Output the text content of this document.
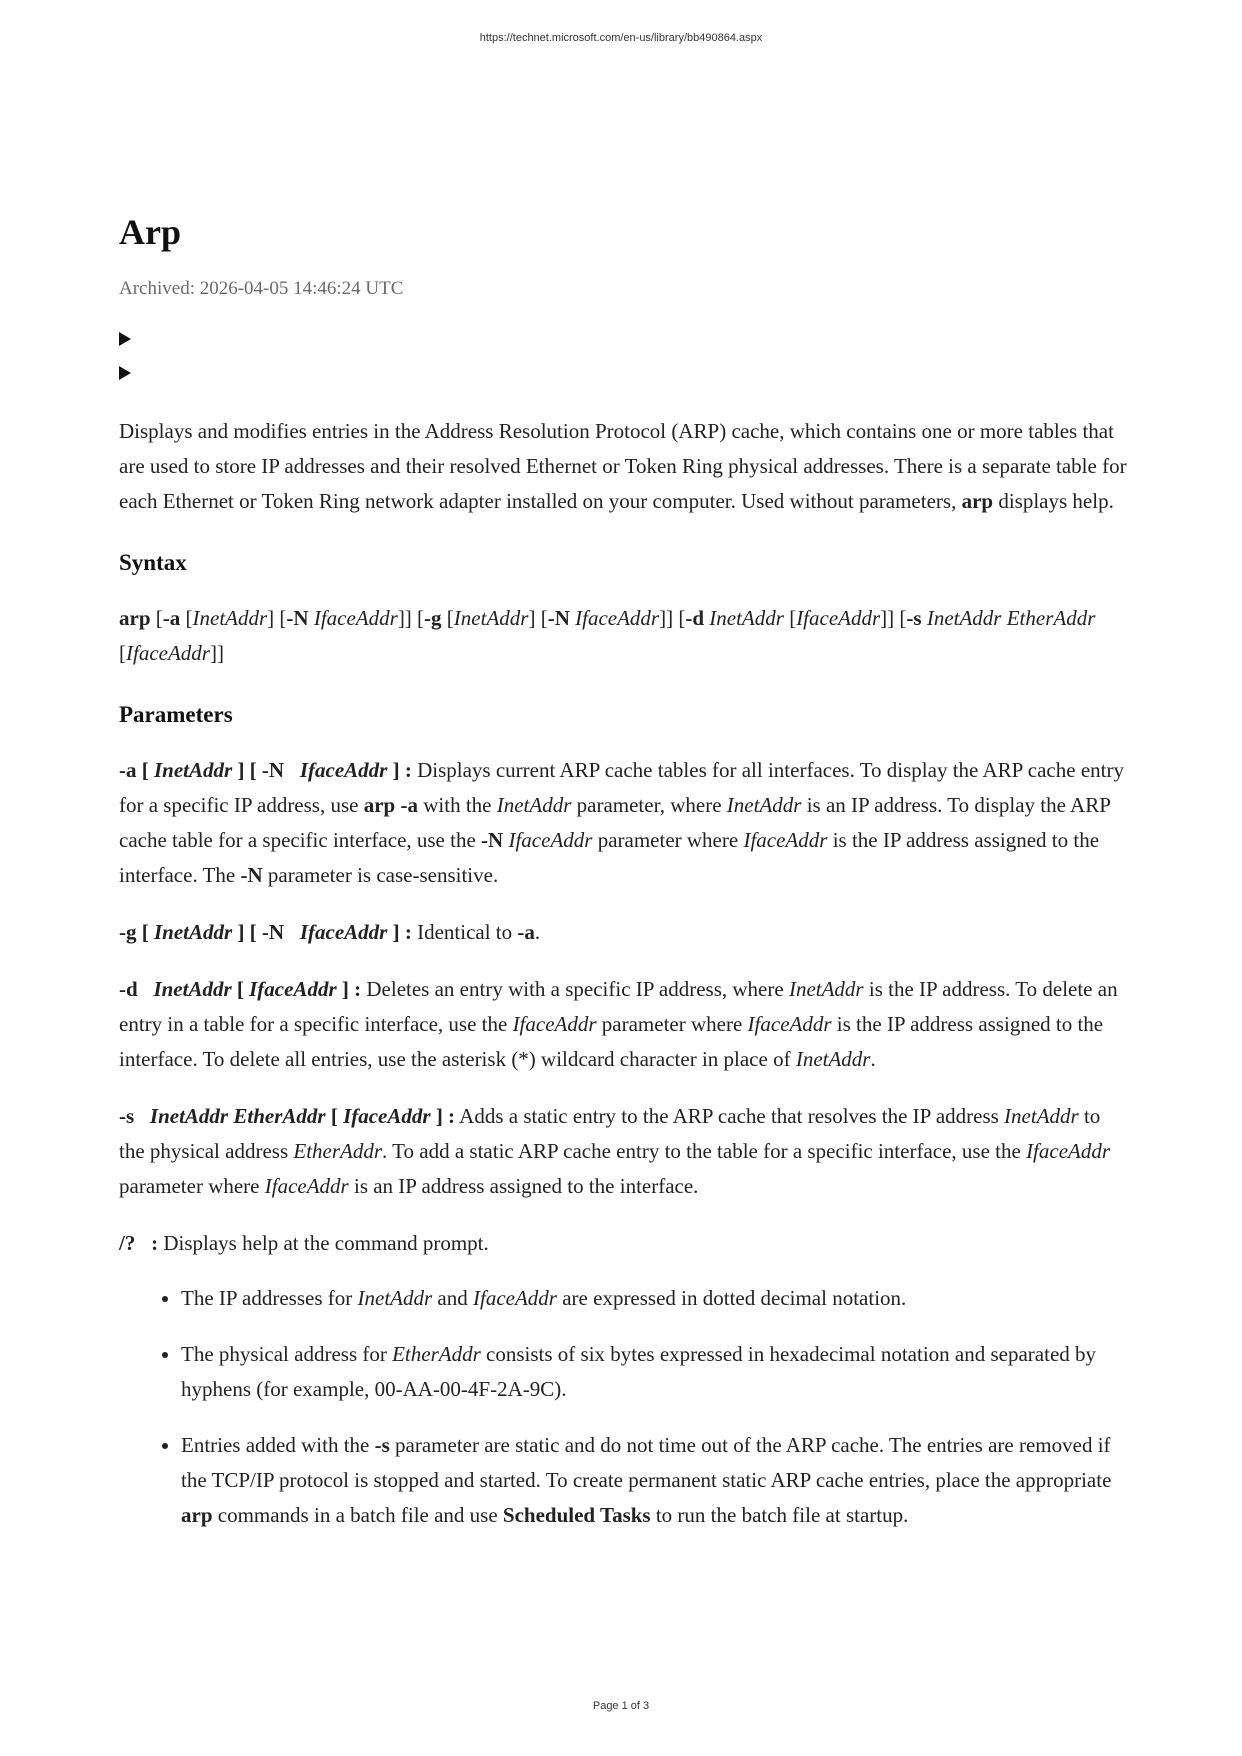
https://technet.microsoft.com/en-us/library/bb490864.aspx
Arp
Archived: 2026-04-05 14:46:24 UTC

Displays and modifies entries in the Address Resolution Protocol (ARP) cache, which contains one or more tables that are used to store IP addresses and their resolved Ethernet or Token Ring physical addresses. There is a separate table for each Ethernet or Token Ring network adapter installed on your computer. Used without parameters, arp displays help.

Syntax

arp [-a [InetAddr] [-N IfaceAddr]] [-g [InetAddr] [-N IfaceAddr]] [-d InetAddr [IfaceAddr]] [-s InetAddr EtherAddr [IfaceAddr]]

Parameters

-a [ InetAddr ] [ -N   IfaceAddr ] : Displays current ARP cache tables for all interfaces. To display the ARP cache entry for a specific IP address, use arp -a with the InetAddr parameter, where InetAddr is an IP address. To display the ARP cache table for a specific interface, use the -N IfaceAddr parameter where IfaceAddr is the IP address assigned to the interface. The -N parameter is case-sensitive.

-g [ InetAddr ] [ -N   IfaceAddr ] : Identical to -a.

-d   InetAddr [ IfaceAddr ] : Deletes an entry with a specific IP address, where InetAddr is the IP address. To delete an entry in a table for a specific interface, use the IfaceAddr parameter where IfaceAddr is the IP address assigned to the interface. To delete all entries, use the asterisk (*) wildcard character in place of InetAddr.

-s   InetAddr EtherAddr [ IfaceAddr ] : Adds a static entry to the ARP cache that resolves the IP address InetAddr to the physical address EtherAddr. To add a static ARP cache entry to the table for a specific interface, use the IfaceAddr parameter where IfaceAddr is an IP address assigned to the interface.

/?   : Displays help at the command prompt.

• The IP addresses for InetAddr and IfaceAddr are expressed in dotted decimal notation.
• The physical address for EtherAddr consists of six bytes expressed in hexadecimal notation and separated by hyphens (for example, 00-AA-00-4F-2A-9C).
• Entries added with the -s parameter are static and do not time out of the ARP cache. The entries are removed if the TCP/IP protocol is stopped and started. To create permanent static ARP cache entries, place the appropriate arp commands in a batch file and use Scheduled Tasks to run the batch file at startup.
Page 1 of 3
